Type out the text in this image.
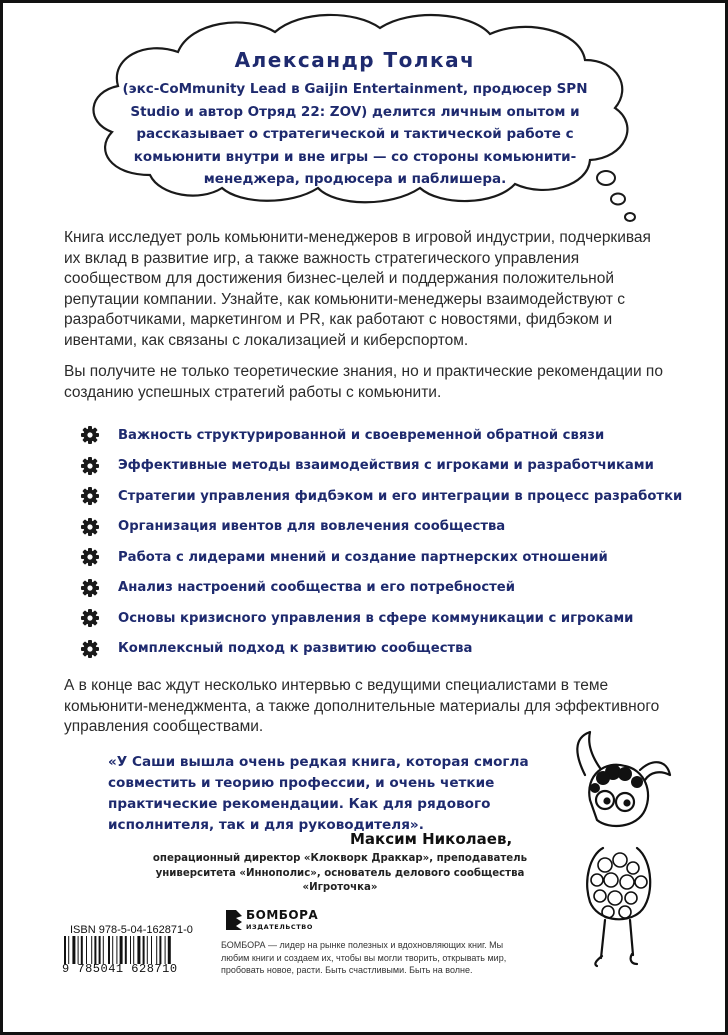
Александр Толкач
(экс-CoMmunity Lead в Gaijin Entertainment, продюсер SPN Studio и автор Отряд 22: ZOV) делится личным опытом и рассказывает о стратегической и тактической работе с комьюнити внутри и вне игры — со стороны комьюнити-менеджера, продюсера и паблишера.
Книга исследует роль комьюнити-менеджеров в игровой индустрии, подчеркивая их вклад в развитие игр, а также важность стратегического управления сообществом для достижения бизнес-целей и поддержания положительной репутации компании. Узнайте, как комьюнити-менеджеры взаимодействуют с разработчиками, маркетингом и PR, как работают с новостями, фидбэком и ивентами, как связаны с локализацией и киберспортом.
Вы получите не только теоретические знания, но и практические рекомендации по созданию успешных стратегий работы с комьюнити.
Важность структурированной и своевременной обратной связи
Эффективные методы взаимодействия с игроками и разработчиками
Стратегии управления фидбэком и его интеграции в процесс разработки
Организация ивентов для вовлечения сообщества
Работа с лидерами мнений и создание партнерских отношений
Анализ настроений сообщества и его потребностей
Основы кризисного управления в сфере коммуникации с игроками
Комплексный подход к развитию сообщества
А в конце вас ждут несколько интервью с ведущими специалистами в теме комьюнити-менеджмента, а также дополнительные материалы для эффективного управления сообществами.
«У Саши вышла очень редкая книга, которая смогла совместить и теорию профессии, и очень четкие практические рекомендации. Как для рядового исполнителя, так и для руководителя».
Максим Николаев,
операционный директор «Клокворк Драккар», преподаватель университета «Иннополис», основатель делового сообщества «Игроточка»
ISBN 978-5-04-162871-0
9 785041 628710
БОМБОРА
ИЗДАТЕЛЬСТВО
БОМБОРА — лидер на рынке полезных и вдохновляющих книг. Мы любим книги и создаем их, чтобы вы могли творить, открывать мир, пробовать новое, расти. Быть счастливыми. Быть на волне.
